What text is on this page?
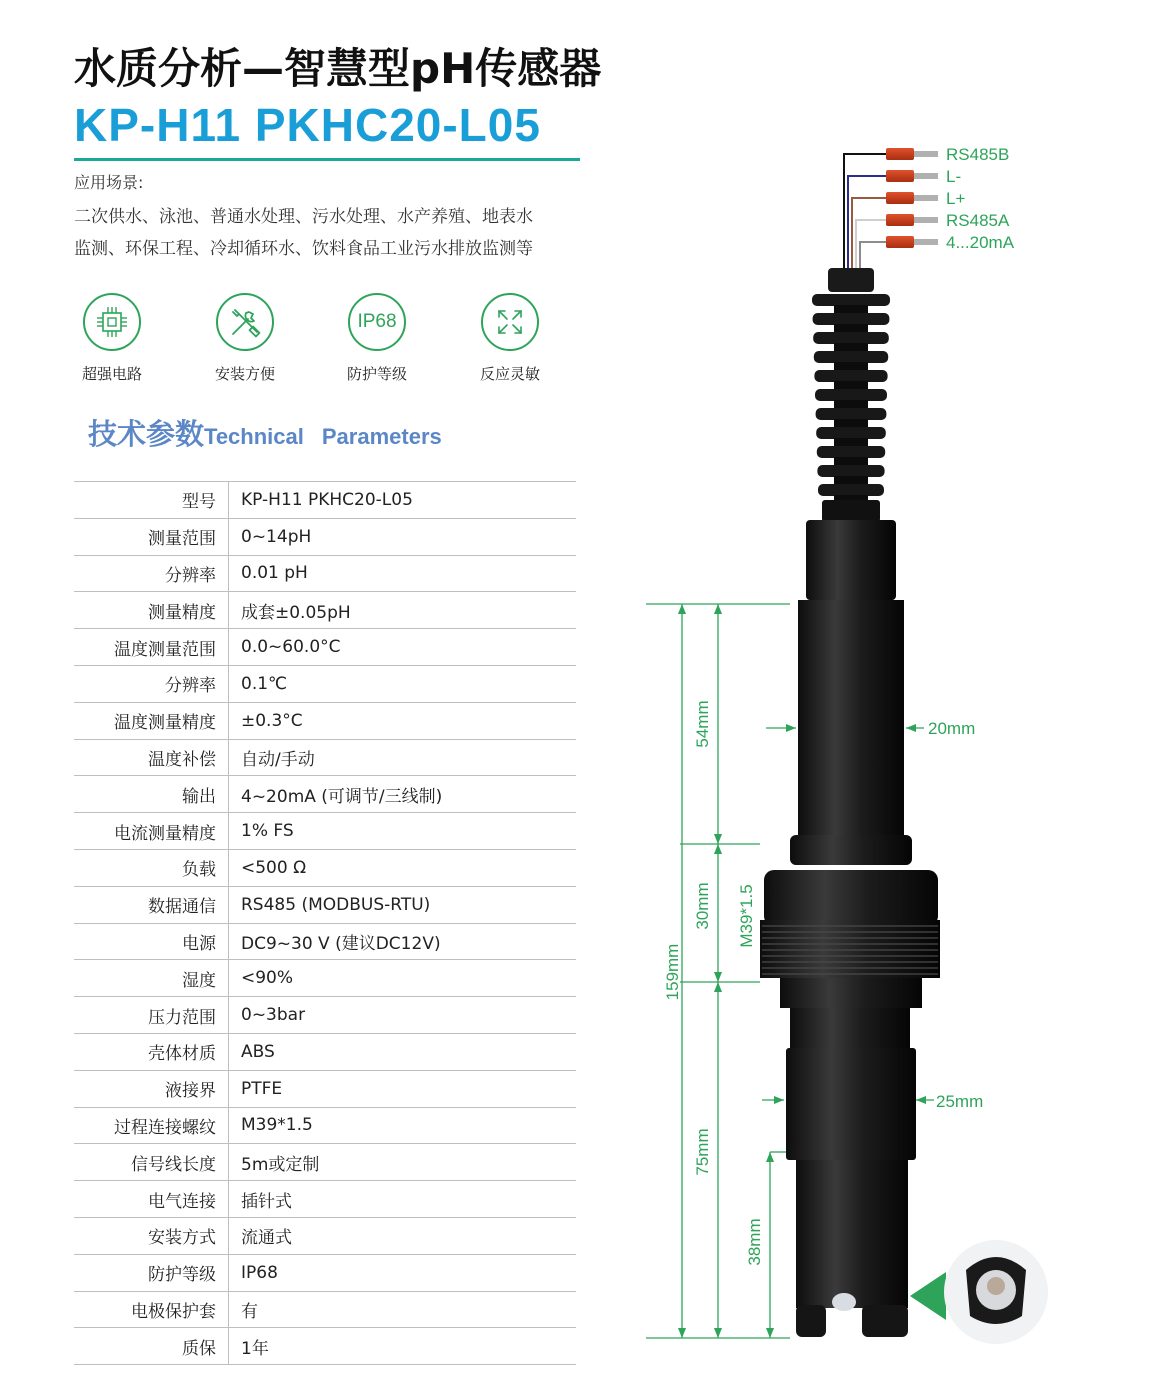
水质分析—智慧型pH传感器
KP-H11 PKHC20-L05
应用场景:
二次供水、泳池、普通水处理、污水处理、水产养殖、地表水
监测、环保工程、冷却循环水、饮料食品工业污水排放监测等
超强电路	安装方便
IP68
防护等级	反应灵敏
技术参数Technical Parameters
型号	KP-H11 PKHC20-L05
测量范围	0~14pH
分辨率	0.01 pH
测量精度	成套±0.05pH
温度测量范围	0.0~60.0°C
分辨率	0.1℃
温度测量精度	±0.3°C
温度补偿	自动/手动
输出	4~20mA (可调节/三线制)
电流测量精度	1% FS
负载	<500 Ω
数据通信	RS485 (MODBUS-RTU)
电源	DC9~30 V (建议DC12V)
湿度	<90%
压力范围	0~3bar
壳体材质	ABS
液接界	PTFE
过程连接螺纹	M39*1.5
信号线长度	5m或定制
电气连接	插针式
安装方式	流通式
防护等级	IP68
电极保护套	有
质保	1年
RS485B
L-
L+
RS485A
4...20mA
159mm
54mm
30mm M39*1.5
75mm
38mm
20mm
25mm
